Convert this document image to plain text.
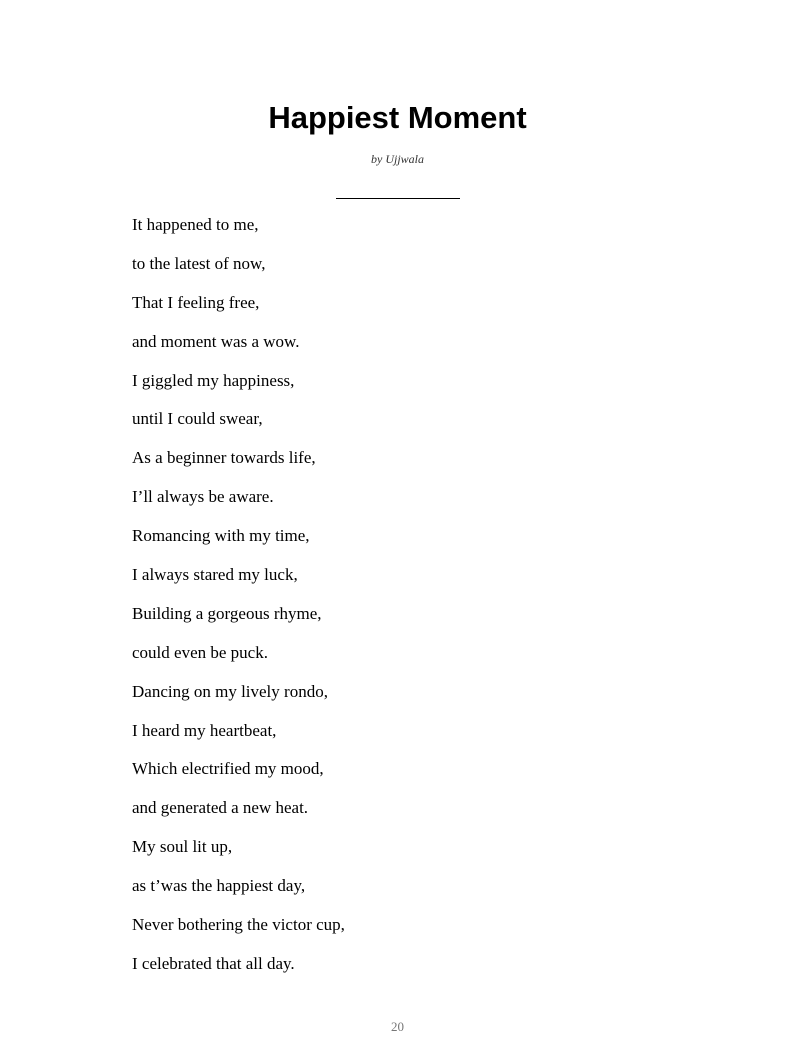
Happiest Moment
by Ujjwala
It happened to me,
to the latest of now,
That I feeling free,
and moment was a wow.
I giggled my happiness,
until I could swear,
As a beginner towards life,
I’ll always be aware.
Romancing with my time,
I always stared my luck,
Building a gorgeous rhyme,
could even be puck.
Dancing on my lively rondo,
I heard my heartbeat,
Which electrified my mood,
and generated a new heat.
My soul lit up,
as t’was the happiest day,
Never bothering the victor cup,
I celebrated that all day.
20
